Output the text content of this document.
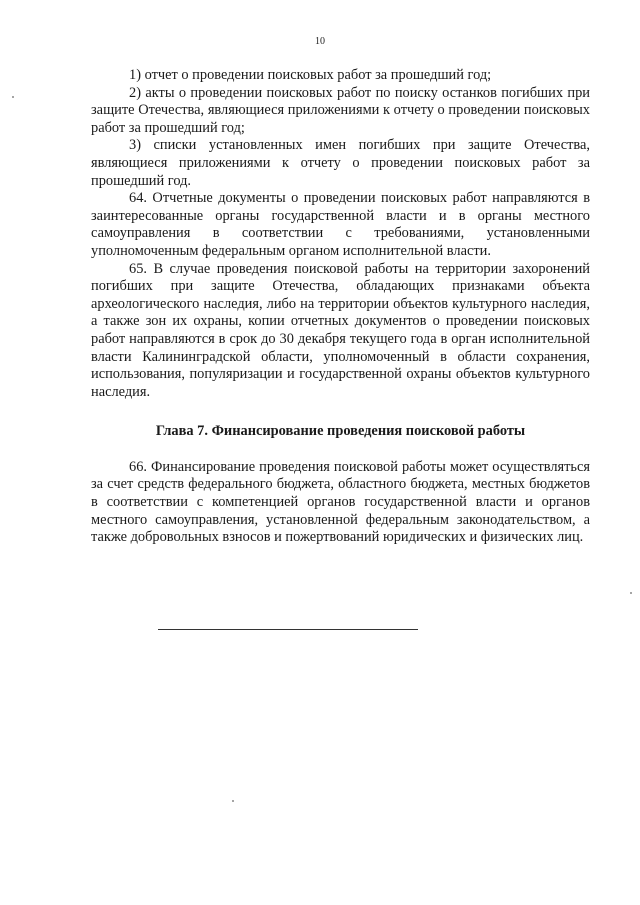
10

1) отчет о проведении поисковых работ за прошедший год;

2) акты о проведении поисковых работ по поиску останков погибших при защите Отечества, являющиеся приложениями к отчету о проведении поисковых работ за прошедший год;

3) списки установленных имен погибших при защите Отечества, являющиеся приложениями к отчету о проведении поисковых работ за прошедший год.

64. Отчетные документы о проведении поисковых работ направляются в заинтересованные органы государственной власти и в органы местного самоуправления в соответствии с требованиями, установленными уполномоченным федеральным органом исполнительной власти.

65. В случае проведения поисковой работы на территории захоронений погибших при защите Отечества, обладающих признаками объекта археологического наследия, либо на территории объектов культурного наследия, а также зон их охраны, копии отчетных документов о проведении поисковых работ направляются в срок до 30 декабря текущего года в орган исполнительной власти Калининградской области, уполномоченный в области сохранения, использования, популяризации и государственной охраны объектов культурного наследия.

Глава 7. Финансирование проведения поисковой работы

66. Финансирование проведения поисковой работы может осуществляться за счет средств федерального бюджета, областного бюджета, местных бюджетов в соответствии с компетенцией органов государственной власти и органов местного самоуправления, установленной федеральным законодательством, а также добровольных взносов и пожертвований юридических и физических лиц.
